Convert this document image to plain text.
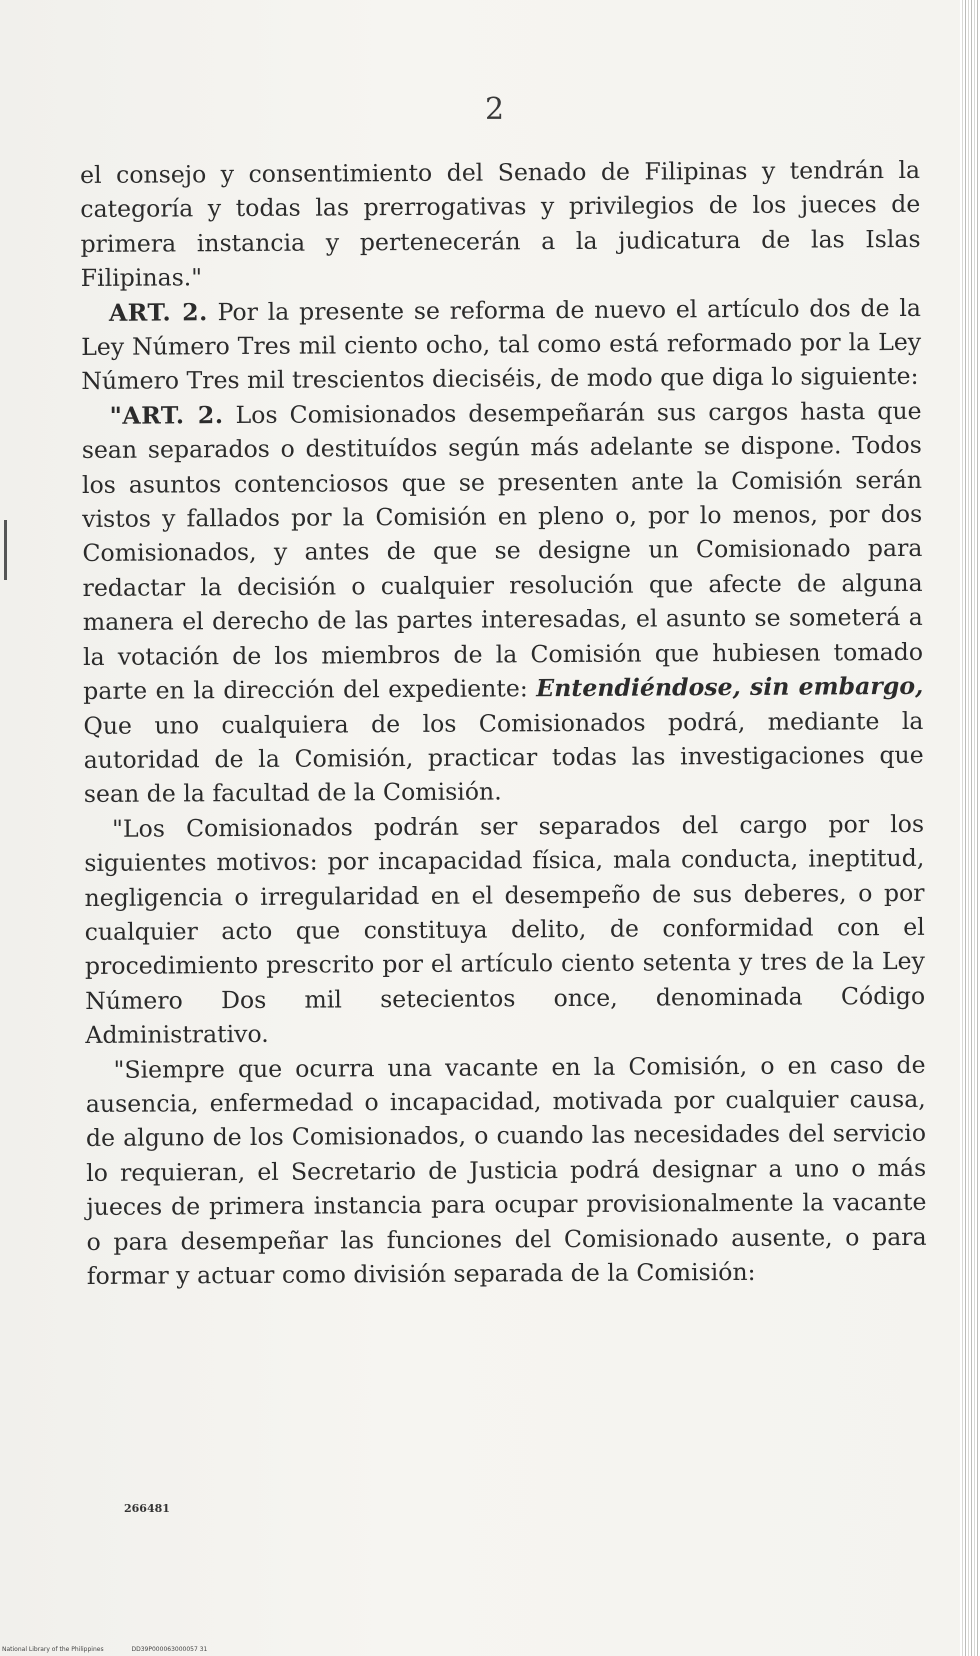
2

el consejo y consentimiento del Senado de Filipinas y tendrán la categoría y todas las prerrogativas y privilegios de los jueces de primera instancia y pertenecerán a la judicatura de las Islas Filipinas."

ART. 2. Por la presente se reforma de nuevo el artículo dos de la Ley Número Tres mil ciento ocho, tal como está reformado por la Ley Número Tres mil trescientos dieciséis, de modo que diga lo siguiente:

"ART. 2. Los Comisionados desempeñarán sus cargos hasta que sean separados o destituídos según más adelante se dispone. Todos los asuntos contenciosos que se presenten ante la Comisión serán vistos y fallados por la Comisión en pleno o, por lo menos, por dos Comisionados, y antes de que se designe un Comisionado para redactar la decisión o cualquier resolución que afecte de alguna manera el derecho de las partes interesadas, el asunto se someterá a la votación de los miembros de la Comisión que hubiesen tomado parte en la dirección del expediente: Entendiéndose, sin embargo, Que uno cualquiera de los Comisionados podrá, mediante la autoridad de la Comisión, practicar todas las investigaciones que sean de la facultad de la Comisión.

"Los Comisionados podrán ser separados del cargo por los siguientes motivos: por incapacidad física, mala conducta, ineptitud, negligencia o irregularidad en el desempeño de sus deberes, o por cualquier acto que constituya delito, de conformidad con el procedimiento prescrito por el artículo ciento setenta y tres de la Ley Número Dos mil setecientos once, denominada Código Administrativo.

"Siempre que ocurra una vacante en la Comisión, o en caso de ausencia, enfermedad o incapacidad, motivada por cualquier causa, de alguno de los Comisionados, o cuando las necesidades del servicio lo requieran, el Secretario de Justicia podrá designar a uno o más jueces de primera instancia para ocupar provisionalmente la vacante o para desempeñar las funciones del Comisionado ausente, o para formar y actuar como división separada de la Comisión:

266481
National Library of the Philippines	DD39P000063000057 31
